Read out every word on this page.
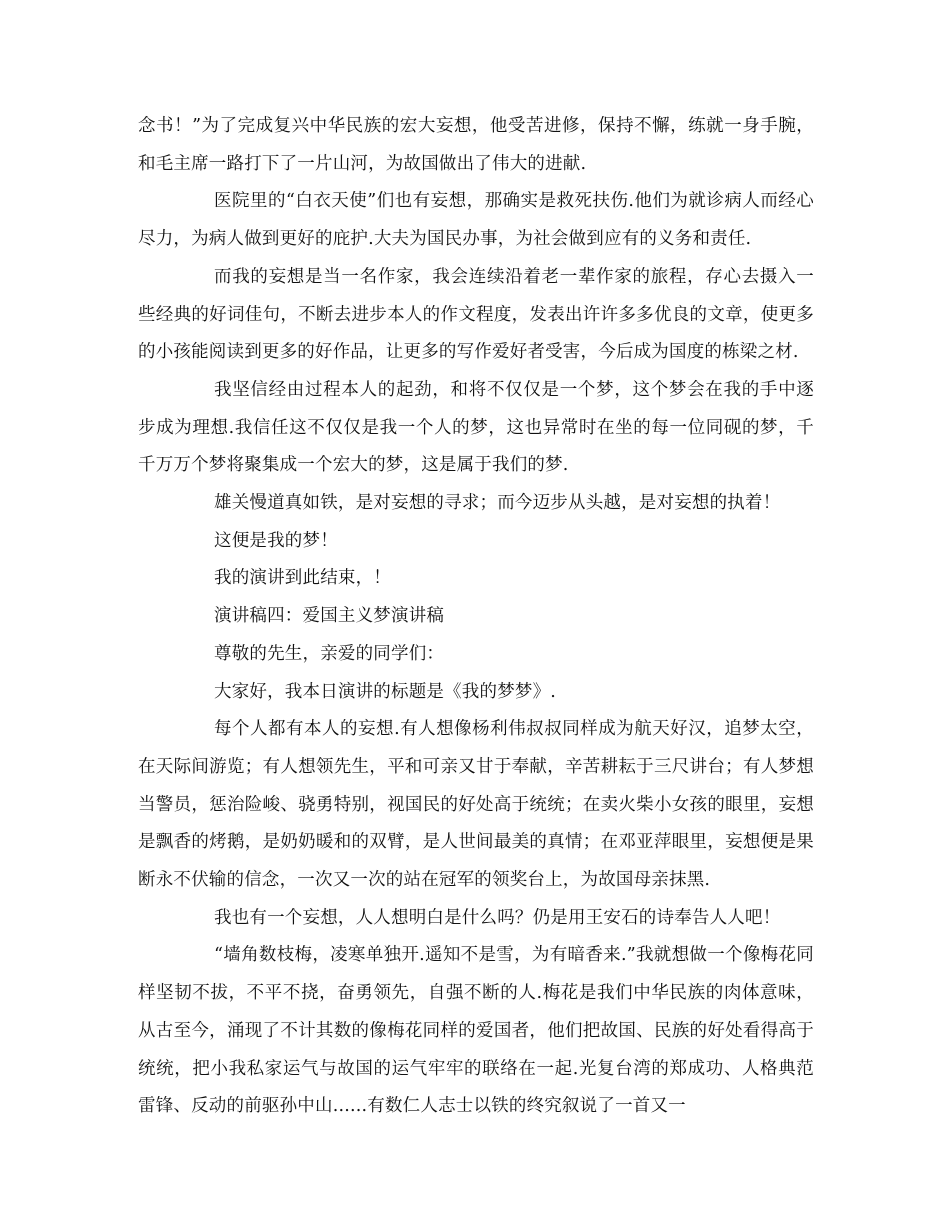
念书！”为了完成复兴中华民族的宏大妄想，他受苦进修，保持不懈，练就一身手腕，和毛主席一路打下了一片山河，为故国做出了伟大的进献.

医院里的“白衣天使”们也有妄想，那确实是救死扶伤.他们为就诊病人而经心尽力，为病人做到更好的庇护.大夫为国民办事，为社会做到应有的义务和责任.

而我的妄想是当一名作家，我会连续沿着老一辈作家的旅程，存心去摄入一些经典的好词佳句，不断去进步本人的作文程度，发表出许许多多优良的文章，使更多的小孩能阅读到更多的好作品，让更多的写作爱好者受害，今后成为国度的栋梁之材.

我坚信经由过程本人的起劲，和将不仅仅是一个梦，这个梦会在我的手中逐步成为理想.我信任这不仅仅是我一个人的梦，这也异常时在坐的每一位同砚的梦，千千万万个梦将聚集成一个宏大的梦，这是属于我们的梦.

雄关慢道真如铁，是对妄想的寻求；而今迈步从头越，是对妄想的执着！

这便是我的梦！

我的演讲到此结束，！

演讲稿四：爱国主义梦演讲稿

尊敬的先生，亲爱的同学们：

大家好，我本日演讲的标题是《我的梦梦》.

每个人都有本人的妄想.有人想像杨利伟叔叔同样成为航天好汉，追梦太空，在天际间游览；有人想领先生，平和可亲又甘于奉献，辛苦耕耘于三尺讲台；有人梦想当警员，惩治险峻、骁勇特别，视国民的好处高于统统；在卖火柴小女孩的眼里，妄想是飘香的烤鹅，是奶奶暖和的双臂，是人世间最美的真情；在邓亚萍眼里，妄想便是果断永不伏输的信念，一次又一次的站在冠军的领奖台上，为故国母亲抹黑.

我也有一个妄想，人人想明白是什么吗？仍是用王安石的诗奉告人人吧！

“墙角数枝梅，凌寒单独开.遥知不是雪，为有暗香来.”我就想做一个像梅花同样坚韧不拔，不平不挠，奋勇领先，自强不断的人.梅花是我们中华民族的肉体意味，从古至今，涌现了不计其数的像梅花同样的爱国者，他们把故国、民族的好处看得高于统统，把小我私家运气与故国的运气牢牢的联络在一起.光复台湾的郑成功、人格典范雷锋、反动的前驱孙中山......有数仁人志士以铁的终究叙说了一首又一
